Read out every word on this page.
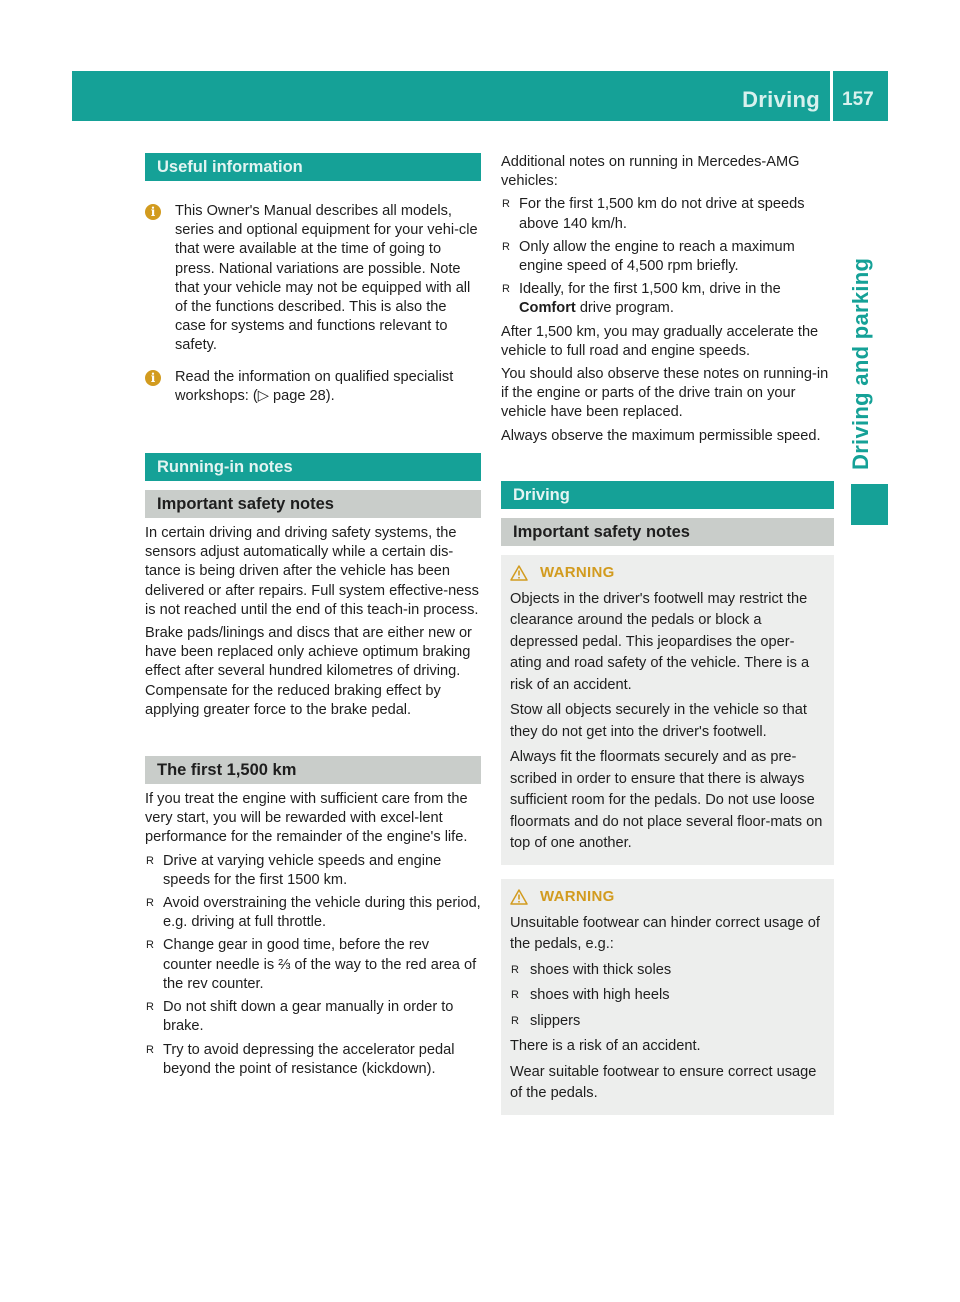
Driving 157
Driving and parking
Useful information
i	This Owner's Manual describes all models, series and optional equipment for your vehi-cle that were available at the time of going to press. National variations are possible. Note that your vehicle may not be equipped with all of the functions described. This is also the case for systems and functions relevant to safety.

i	Read the information on qualified specialist workshops: (▷ page 28).

Running-in notes
Important safety notes

In certain driving and driving safety systems, the sensors adjust automatically while a certain dis-tance is being driven after the vehicle has been delivered or after repairs. Full system effective-ness is not reached until the end of this teach-in process.

Brake pads/linings and discs that are either new or have been replaced only achieve optimum braking effect after several hundred kilometres of driving. Compensate for the reduced braking effect by applying greater force to the brake pedal.

The first 1,500 km

If you treat the engine with sufficient care from the very start, you will be rewarded with excel-lent performance for the remainder of the engine's life.

R Drive at varying vehicle speeds and engine speeds for the first 1500 km.
R Avoid overstraining the vehicle during this period, e.g. driving at full throttle.
R Change gear in good time, before the rev counter needle is ⅔ of the way to the red area of the rev counter.
R Do not shift down a gear manually in order to brake.
R Try to avoid depressing the accelerator pedal beyond the point of resistance (kickdown).

Additional notes on running in Mercedes-AMG vehicles:

R For the first 1,500 km do not drive at speeds above 140 km/h.
R Only allow the engine to reach a maximum engine speed of 4,500 rpm briefly.
R Ideally, for the first 1,500 km, drive in the Comfort drive program.

After 1,500 km, you may gradually accelerate the vehicle to full road and engine speeds.

You should also observe these notes on running-in if the engine or parts of the drive train on your vehicle have been replaced.

Always observe the maximum permissible speed.

Driving
Important safety notes
WARNING

Objects in the driver's footwell may restrict the clearance around the pedals or block a depressed pedal. This jeopardises the oper-ating and road safety of the vehicle. There is a risk of an accident.

Stow all objects securely in the vehicle so that they do not get into the driver's footwell.

Always fit the floormats securely and as pre-scribed in order to ensure that there is always sufficient room for the pedals. Do not use loose floormats and do not place several floor-mats on top of one another.

WARNING

Unsuitable footwear can hinder correct usage of the pedals, e.g.:

R shoes with thick soles
R shoes with high heels
R slippers

There is a risk of an accident.

Wear suitable footwear to ensure correct usage of the pedals.
